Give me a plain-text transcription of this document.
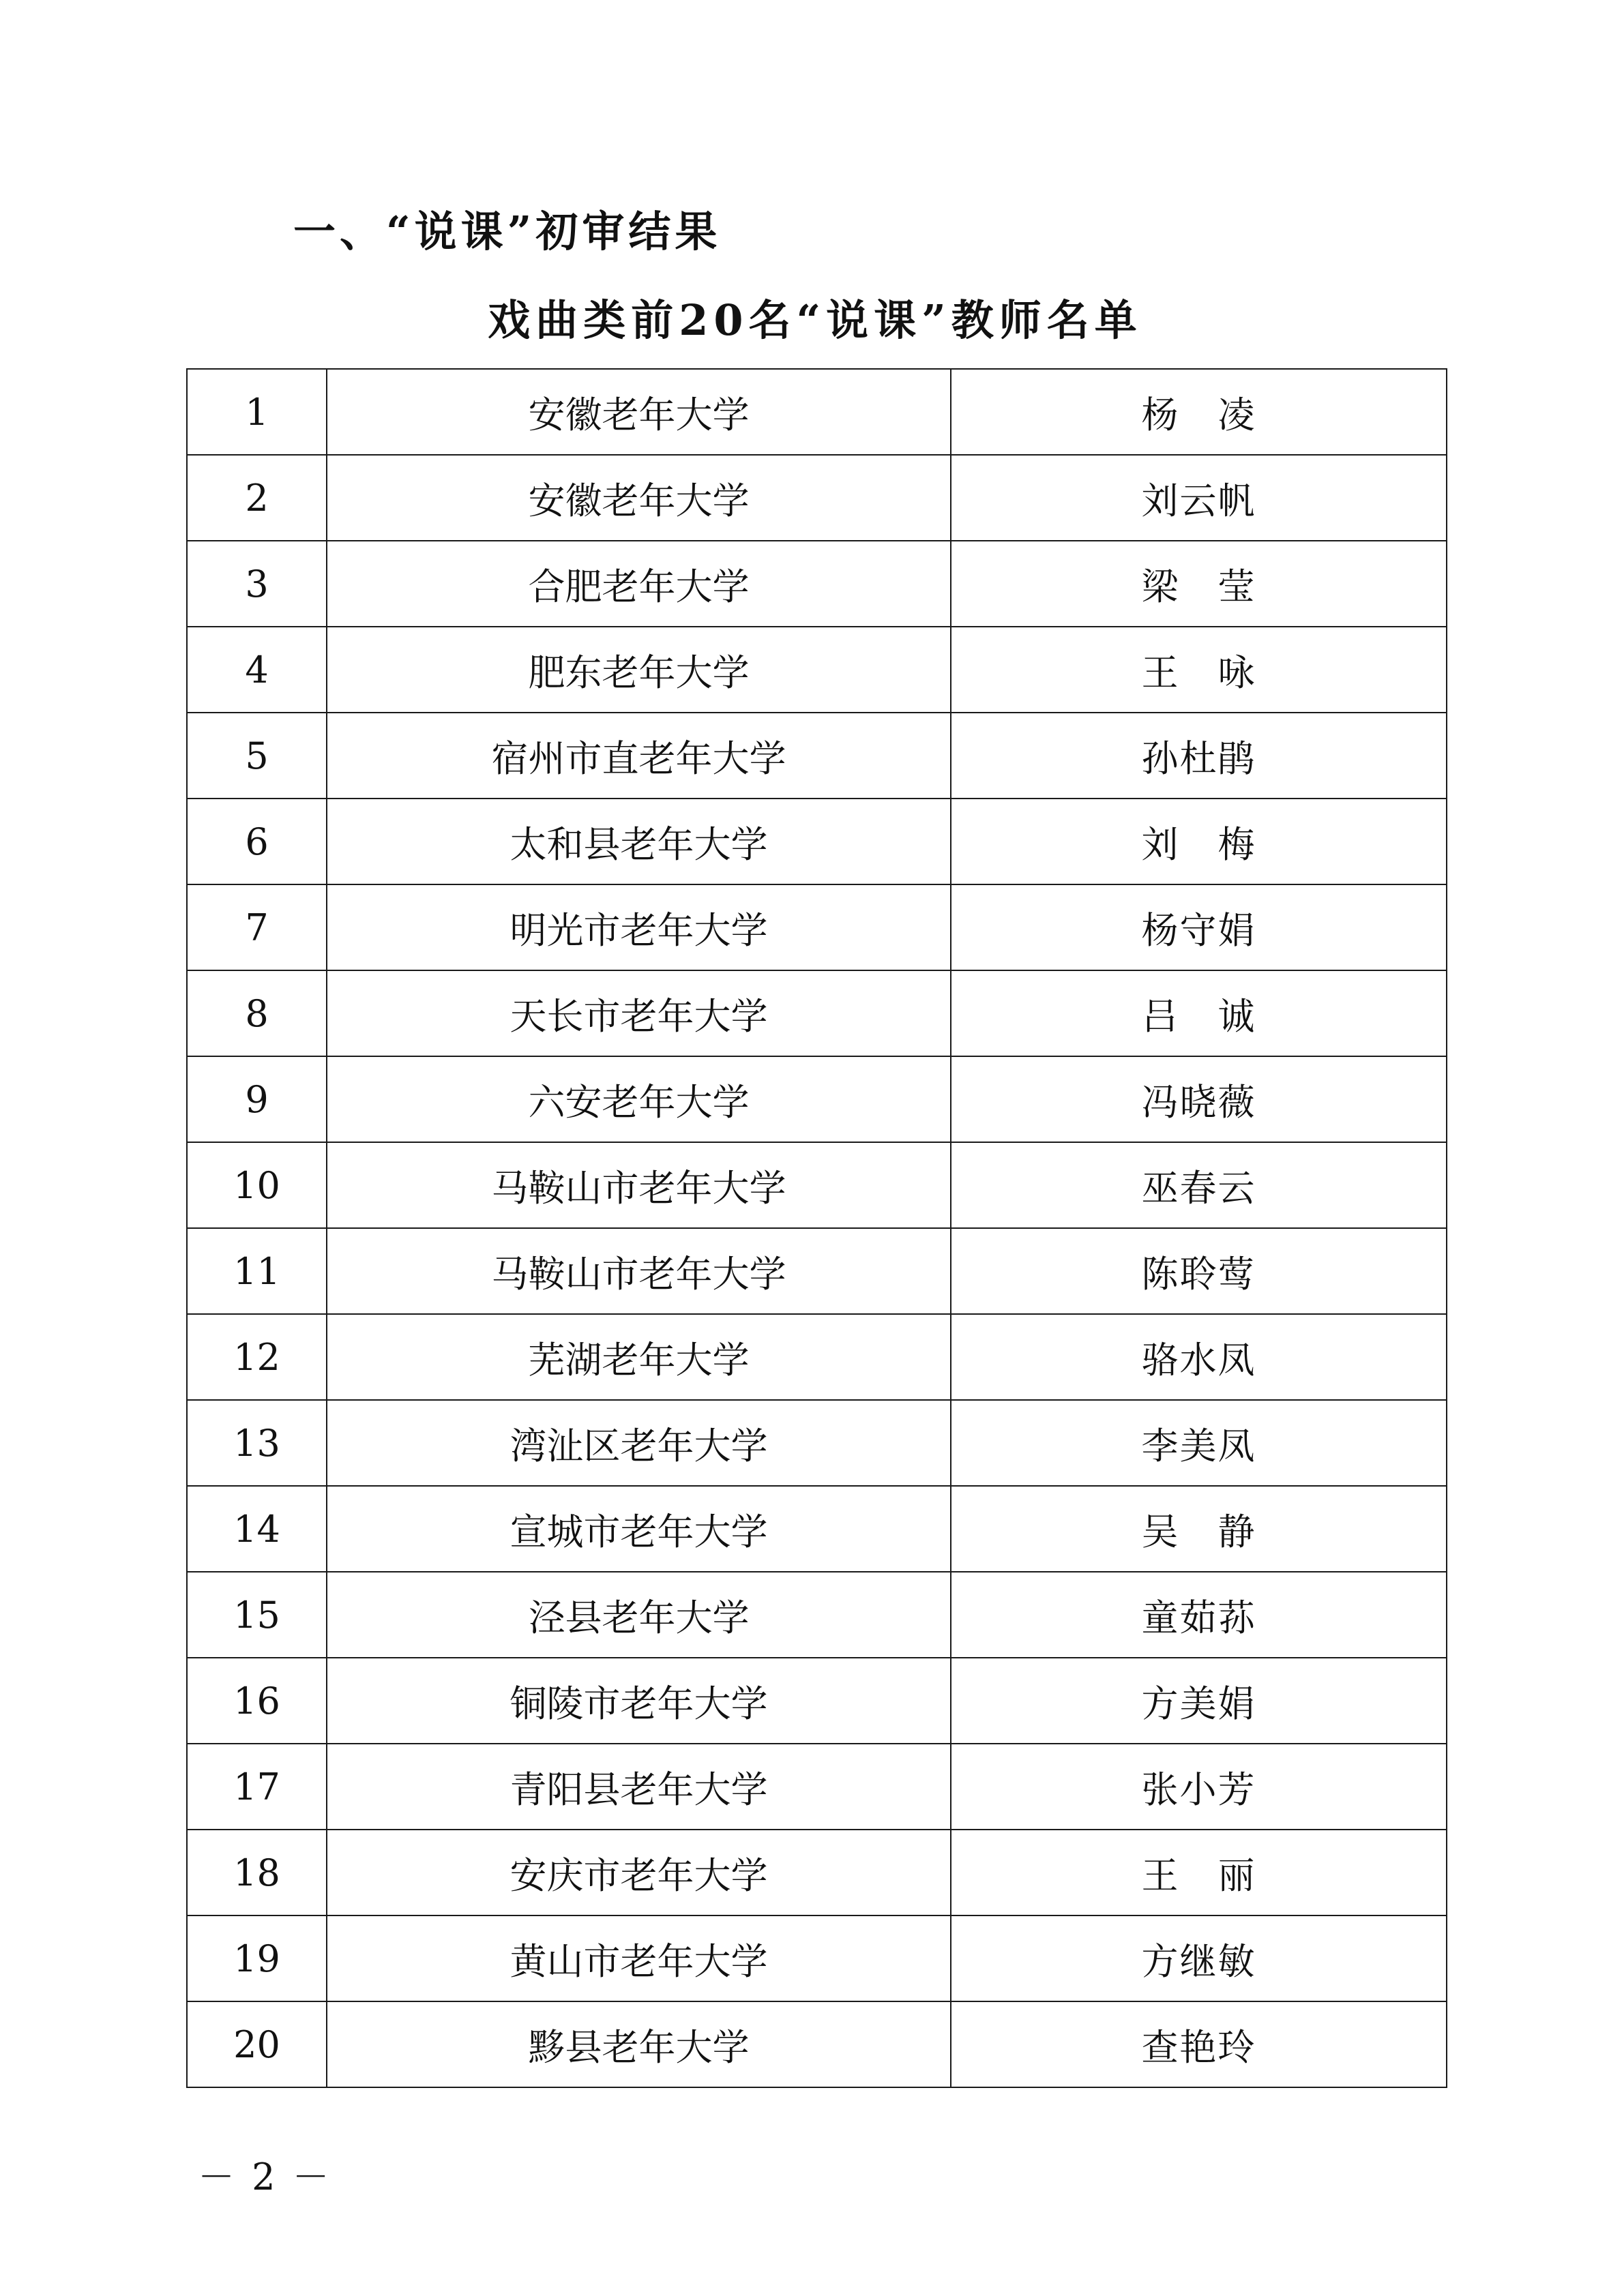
一、“说课”初审结果
戏曲类前20名“说课”教师名单
1	安徽老年大学	杨　凌
2	安徽老年大学	刘云帆
3	合肥老年大学	梁　莹
4	肥东老年大学	王　咏
5	宿州市直老年大学	孙杜鹃
6	太和县老年大学	刘　梅
7	明光市老年大学	杨守娟
8	天长市老年大学	吕　诚
9	六安老年大学	冯晓薇
10	马鞍山市老年大学	巫春云
11	马鞍山市老年大学	陈聆莺
12	芜湖老年大学	骆水凤
13	湾沚区老年大学	李美凤
14	宣城市老年大学	吴　静
15	泾县老年大学	童茹荪
16	铜陵市老年大学	方美娟
17	青阳县老年大学	张小芳
18	安庆市老年大学	王　丽
19	黄山市老年大学	方继敏
20	黟县老年大学	查艳玲
－ 2 －
